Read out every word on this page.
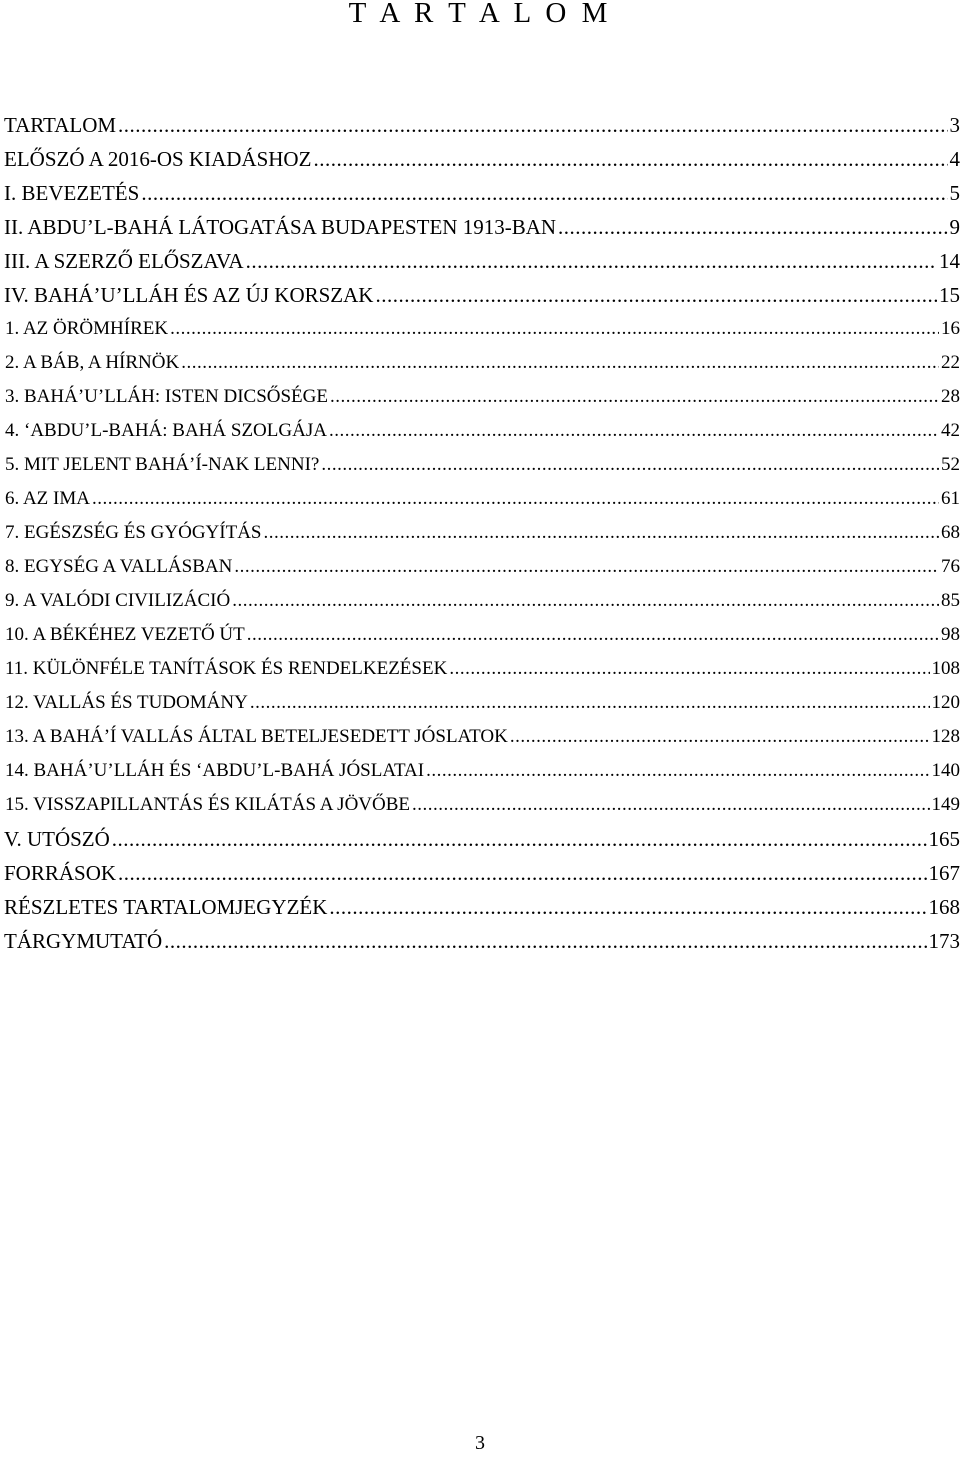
T A R T A L O M
TARTALOM .....	3
ELŐSZÓ A 2016-OS KIADÁSHOZ .....	4
I. BEVEZETÉS .....	5
II. ABDU’L-BAHÁ LÁTOGATÁSA BUDAPESTEN 1913-BAN .....	9
III. A SZERZŐ ELŐSZAVA .....	14
IV. BAHÁ’U’LLÁH ÉS AZ ÚJ KORSZAK .....	15
1. AZ ÖRÖMHÍREK .....	16
2. A BÁB, A HÍRNÖK .....	22
3. BAHÁ’U’LLÁH: ISTEN DICSŐSÉGE .....	28
4. ‘ABDU’L-BAHÁ: BAHÁ SZOLGÁJA .....	42
5. MIT JELENT BAHÁ’Í-NAK LENNI? .....	52
6. AZ IMA .....	61
7. EGÉSZSÉG ÉS GYÓGYÍTÁS .....	68
8. EGYSÉG A VALLÁSBAN .....	76
9. A VALÓDI CIVILIZÁCIÓ .....	85
10. A BÉKÉHEZ VEZETŐ ÚT .....	98
11. KÜLÖNFÉLE TANÍTÁSOK ÉS RENDELKEZÉSEK .....	108
12. VALLÁS ÉS TUDOMÁNY .....	120
13. A BAHÁ’Í VALLÁS ÁLTAL BETELJESEDETT JÓSLATOK .....	128
14. BAHÁ’U’LLÁH ÉS ‘ABDU’L-BAHÁ JÓSLATAI .....	140
15. VISSZAPILLANTÁS ÉS KILÁTÁS A JÖVŐBE .....	149
V. UTÓSZÓ .....	165
FORRÁSOK .....	167
RÉSZLETES TARTALOMJEGYZÉK .....	168
TÁRGYMUTATÓ .....	173
3
